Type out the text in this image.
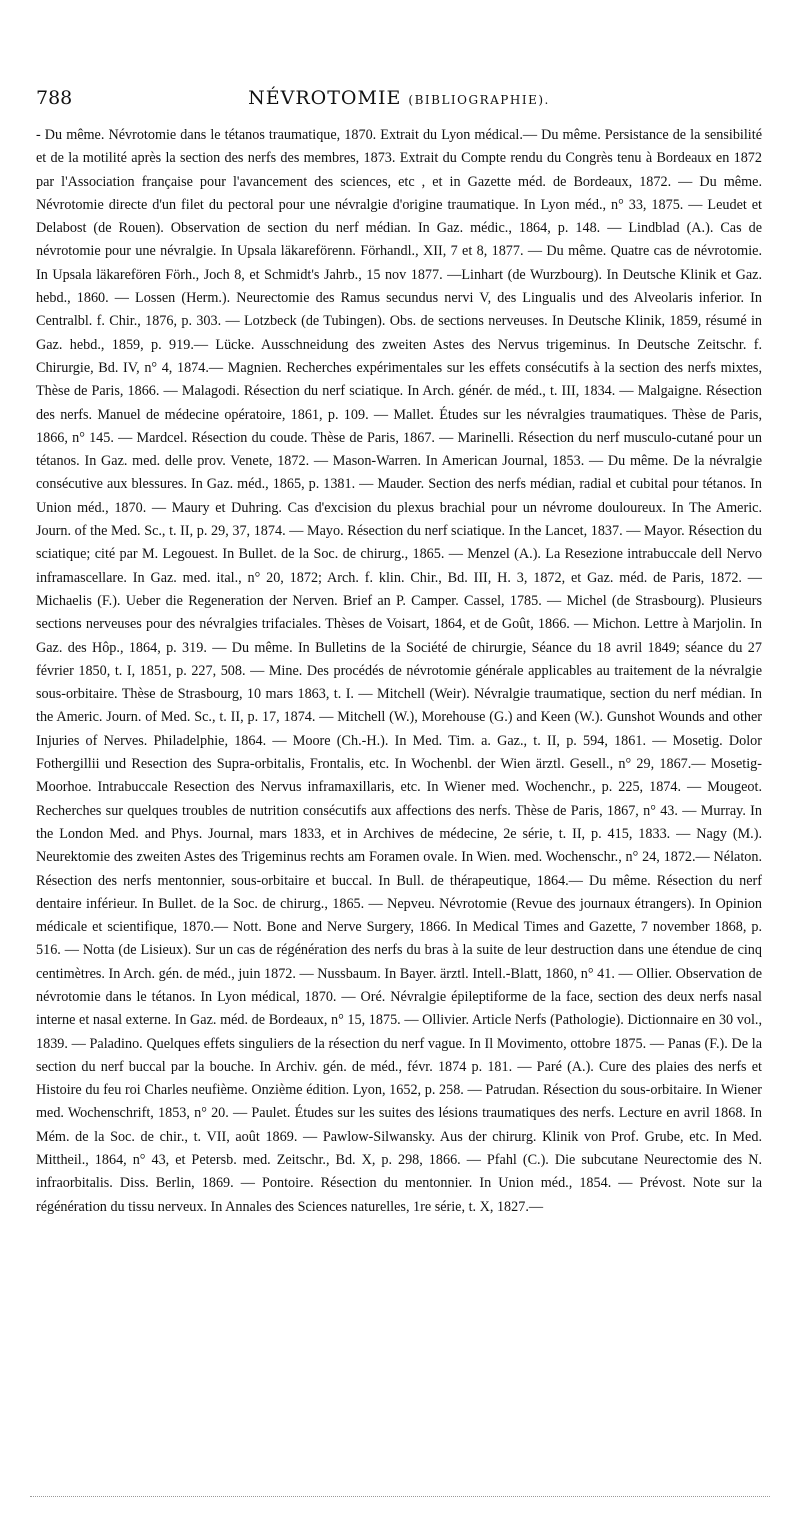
788	NÉVROTOMIE (BIBLIOGRAPHIE).

- Du même. Névrotomie dans le tétanos traumatique, 1870. Extrait du Lyon médical.— Du même. Persistance de la sensibilité et de la motilité après la section des nerfs des membres, 1873. Extrait du Compte rendu du Congrès tenu à Bordeaux en 1872 par l'Association française pour l'avancement des sciences, etc , et in Gazette méd. de Bordeaux, 1872. — Du même. Névrotomie directe d'un filet du pectoral pour une névralgie d'origine traumatique. In Lyon méd., n° 33, 1875. — Leudet et Delabost (de Rouen). Observation de section du nerf médian. In Gaz. médic., 1864, p. 148. — Lindblad (A.). Cas de névrotomie pour une névralgie. In Upsala läkareförenn. Förhandl., XII, 7 et 8, 1877. — Du même. Quatre cas de névrotomie. In Upsala läkarefören Förh., Joch 8, et Schmidt's Jahrb., 15 nov 1877. —Linhart (de Wurzbourg). In Deutsche Klinik et Gaz. hebd., 1860. — Lossen (Herm.). Neurectomie des Ramus secundus nervi V, des Lingualis und des Alveolaris inferior. In Centralbl. f. Chir., 1876, p. 303. — Lotzbeck (de Tubingen). Obs. de sections nerveuses. In Deutsche Klinik, 1859, résumé in Gaz. hebd., 1859, p. 919.— Lücke. Ausschneidung des zweiten Astes des Nervus trigeminus. In Deutsche Zeitschr. f. Chirurgie, Bd. IV, n° 4, 1874.— Magnien. Recherches expérimentales sur les effets consécutifs à la section des nerfs mixtes, Thèse de Paris, 1866. — Malagodi. Résection du nerf sciatique. In Arch. génér. de méd., t. III, 1834. — Malgaigne. Résection des nerfs. Manuel de médecine opératoire, 1861, p. 109. — Mallet. Études sur les névralgies traumatiques. Thèse de Paris, 1866, n° 145. — Mardcel. Résection du coude. Thèse de Paris, 1867. — Marinelli. Résection du nerf musculo-cutané pour un tétanos. In Gaz. med. delle prov. Venete, 1872. — Mason-Warren. In American Journal, 1853. — Du même. De la névralgie consécutive aux blessures. In Gaz. méd., 1865, p. 1381. — Mauder. Section des nerfs médian, radial et cubital pour tétanos. In Union méd., 1870. — Maury et Duhring. Cas d'excision du plexus brachial pour un névrome douloureux. In The Americ. Journ. of the Med. Sc., t. II, p. 29, 37, 1874. — Mayo. Résection du nerf sciatique. In the Lancet, 1837. — Mayor. Résection du sciatique; cité par M. Legouest. In Bullet. de la Soc. de chirurg., 1865. — Menzel (A.). La Resezione intrabuccale dell Nervo inframascellare. In Gaz. med. ital., n° 20, 1872; Arch. f. klin. Chir., Bd. III, H. 3, 1872, et Gaz. méd. de Paris, 1872. — Michaelis (F.). Ueber die Regeneration der Nerven. Brief an P. Camper. Cassel, 1785. — Michel (de Strasbourg). Plusieurs sections nerveuses pour des névralgies trifaciales. Thèses de Voisart, 1864, et de Goût, 1866. — Michon. Lettre à Marjolin. In Gaz. des Hôp., 1864, p. 319. — Du même. In Bulletins de la Société de chirurgie, Séance du 18 avril 1849; séance du 27 février 1850, t. I, 1851, p. 227, 508. — Mine. Des procédés de névrotomie générale applicables au traitement de la névralgie sous-orbitaire. Thèse de Strasbourg, 10 mars 1863, t. I. — Mitchell (Weir). Névralgie traumatique, section du nerf médian. In the Americ. Journ. of Med. Sc., t. II, p. 17, 1874. — Mitchell (W.), Morehouse (G.) and Keen (W.). Gunshot Wounds and other Injuries of Nerves. Philadelphie, 1864. — Moore (Ch.-H.). In Med. Tim. a. Gaz., t. II, p. 594, 1861. — Mosetig. Dolor Fothergillii und Resection des Supra-orbitalis, Frontalis, etc. In Wochenbl. der Wien ärztl. Gesell., n° 29, 1867.— Mosetig-Moorhoe. Intrabuccale Resection des Nervus inframaxillaris, etc. In Wiener med. Wochenchr., p. 225, 1874. — Mougeot. Recherches sur quelques troubles de nutrition consécutifs aux affections des nerfs. Thèse de Paris, 1867, n° 43. — Murray. In the London Med. and Phys. Journal, mars 1833, et in Archives de médecine, 2e série, t. II, p. 415, 1833. — Nagy (M.). Neurektomie des zweiten Astes des Trigeminus rechts am Foramen ovale. In Wien. med. Wochenschr., n° 24, 1872.— Nélaton. Résection des nerfs mentonnier, sous-orbitaire et buccal. In Bull. de thérapeutique, 1864.— Du même. Résection du nerf dentaire inférieur. In Bullet. de la Soc. de chirurg., 1865. — Nepveu. Névrotomie (Revue des journaux étrangers). In Opinion médicale et scientifique, 1870.— Nott. Bone and Nerve Surgery, 1866. In Medical Times and Gazette, 7 november 1868, p. 516. — Notta (de Lisieux). Sur un cas de régénération des nerfs du bras à la suite de leur destruction dans une étendue de cinq centimètres. In Arch. gén. de méd., juin 1872. — Nussbaum. In Bayer. ärztl. Intell.-Blatt, 1860, n° 41. — Ollier. Observation de névrotomie dans le tétanos. In Lyon médical, 1870. — Oré. Névralgie épileptiforme de la face, section des deux nerfs nasal interne et nasal externe. In Gaz. méd. de Bordeaux, n° 15, 1875. — Ollivier. Article Nerfs (Pathologie). Dictionnaire en 30 vol., 1839. — Paladino. Quelques effets singuliers de la résection du nerf vague. In Il Movimento, ottobre 1875. — Panas (F.). De la section du nerf buccal par la bouche. In Archiv. gén. de méd., févr. 1874 p. 181. — Paré (A.). Cure des plaies des nerfs et Histoire du feu roi Charles neufième. Onzième édition. Lyon, 1652, p. 258. — Patrudan. Résection du sous-orbitaire. In Wiener med. Wochenschrift, 1853, n° 20. — Paulet. Études sur les suites des lésions traumatiques des nerfs. Lecture en avril 1868. In Mém. de la Soc. de chir., t. VII, août 1869. — Pawlow-Silwansky. Aus der chirurg. Klinik von Prof. Grube, etc. In Med. Mittheil., 1864, n° 43, et Petersb. med. Zeitschr., Bd. X, p. 298, 1866. — Pfahl (C.). Die subcutane Neurectomie des N. infraorbitalis. Diss. Berlin, 1869. — Pontoire. Résection du mentonnier. In Union méd., 1854. — Prévost. Note sur la régénération du tissu nerveux. In Annales des Sciences naturelles, 1re série, t. X, 1827.—
